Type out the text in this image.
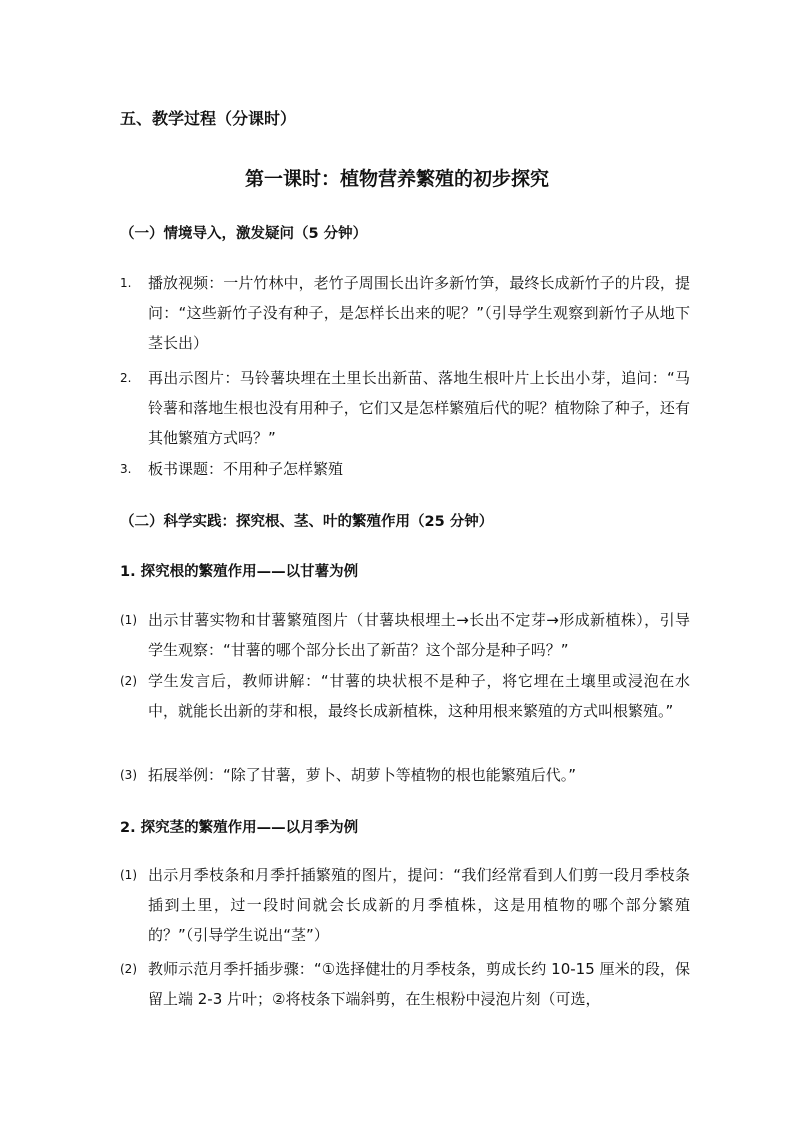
五、教学过程（分课时）
第一课时：植物营养繁殖的初步探究
（一）情境导入，激发疑问（5 分钟）
1. 播放视频：一片竹林中，老竹子周围长出许多新竹笋，最终长成新竹子的片段，提问：“这些新竹子没有种子，是怎样长出来的呢？”（引导学生观察到新竹子从地下茎长出）
2. 再出示图片：马铃薯块埋在土里长出新苗、落地生根叶片上长出小芽，追问：“马铃薯和落地生根也没有用种子，它们又是怎样繁殖后代的呢？植物除了种子，还有其他繁殖方式吗？”
3. 板书课题：不用种子怎样繁殖
（二）科学实践：探究根、茎、叶的繁殖作用（25 分钟）
1. 探究根的繁殖作用——以甘薯为例
(1) 出示甘薯实物和甘薯繁殖图片（甘薯块根埋土→长出不定芽→形成新植株），引导学生观察：“甘薯的哪个部分长出了新苗？这个部分是种子吗？”
(2) 学生发言后，教师讲解：“甘薯的块状根不是种子，将它埋在土壤里或浸泡在水中，就能长出新的芽和根，最终长成新植株，这种用根来繁殖的方式叫根繁殖。”
(3) 拓展举例：“除了甘薯，萝卜、胡萝卜等植物的根也能繁殖后代。”
2. 探究茎的繁殖作用——以月季为例
(1) 出示月季枝条和月季扦插繁殖的图片，提问：“我们经常看到人们剪一段月季枝条插到土里，过一段时间就会长成新的月季植株，这是用植物的哪个部分繁殖的？”（引导学生说出“茎”）
(2) 教师示范月季扦插步骤：“①选择健壮的月季枝条，剪成长约 10-15 厘米的段，保留上端 2-3 片叶；②将枝条下端斜剪，在生根粉中浸泡片刻（可选，
